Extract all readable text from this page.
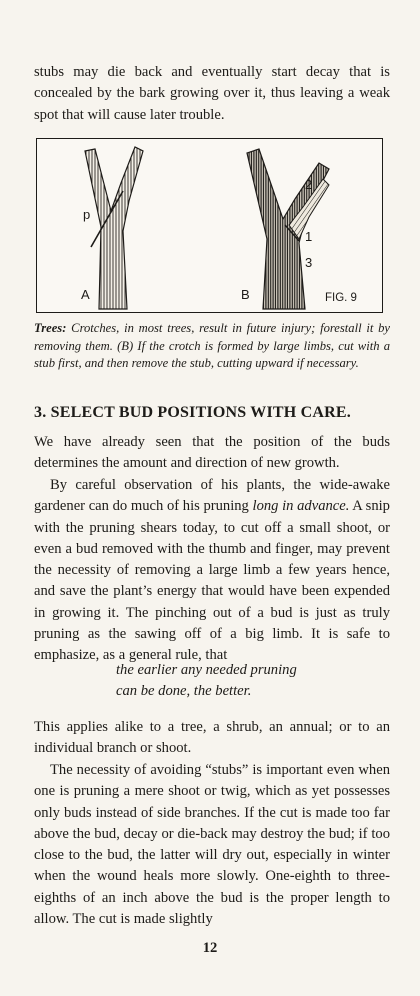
stubs may die back and eventually start decay that is concealed by the bark growing over it, thus leaving a weak spot that will cause later trouble.

p
A
2
1
3
B	FIG. 9

Trees: Crotches, in most trees, result in future injury; forestall it by removing them. (B) If the crotch is formed by large limbs, cut with a stub first, and then remove the stub, cutting upward if necessary.

3. SELECT BUD POSITIONS WITH CARE.

We have already seen that the position of the buds determines the amount and direction of new growth.

By careful observation of his plants, the wide-awake gardener can do much of his pruning long in advance. A snip with the pruning shears today, to cut off a small shoot, or even a bud removed with the thumb and finger, may prevent the necessity of removing a large limb a few years hence, and save the plant’s energy that would have been expended in growing it. The pinching out of a bud is just as truly pruning as the sawing off of a big limb. It is safe to emphasize, as a general rule, that

the earlier any needed pruning
can be done, the better.

This applies alike to a tree, a shrub, an annual; or to an individual branch or shoot.

The necessity of avoiding “stubs” is important even when one is pruning a mere shoot or twig, which as yet possesses only buds instead of side branches. If the cut is made too far above the bud, decay or die-back may destroy the bud; if too close to the bud, the latter will dry out, especially in winter when the wound heals more slowly. One-eighth to three-eighths of an inch above the bud is the proper length to allow. The cut is made slightly

12
